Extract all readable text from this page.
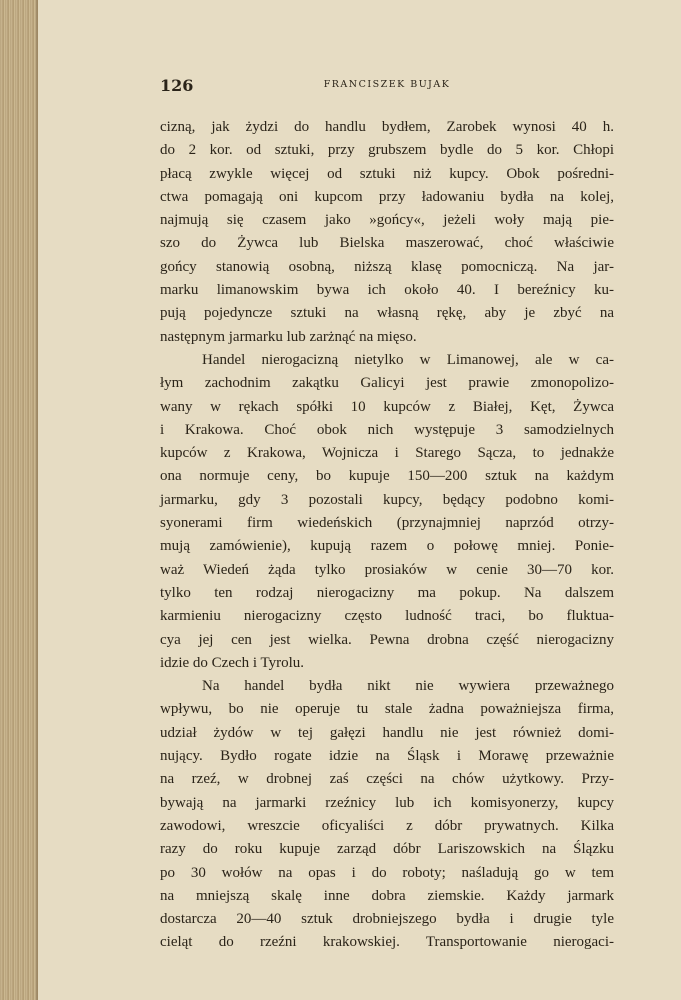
126	FRANCISZEK BUJAK
cizną, jak żydzi do handlu bydłem, Zarobek wynosi 40 h.
do 2 kor. od sztuki, przy grubszem bydle do 5 kor. Chłopi
płacą zwykle więcej od sztuki niż kupcy. Obok pośredni-
ctwa pomagają oni kupcom przy ładowaniu bydła na kolej,
najmują się czasem jako »gońcy«, jeżeli woły mają pie-
szo do Żywca lub Bielska maszerować, choć właściwie
gońcy stanowią osobną, niższą klasę pomocniczą. Na jar-
marku limanowskim bywa ich około 40. I bereźnicy ku-
pują pojedyncze sztuki na własną rękę, aby je zbyć na
następnym jarmarku lub zarżnąć na mięso.
Handel nierogacizną nietylko w Limanowej, ale w ca-
łym zachodnim zakątku Galicyi jest prawie zmonopolizo-
wany w rękach spółki 10 kupców z Białej, Kęt, Żywca
i Krakowa. Choć obok nich występuje 3 samodzielnych
kupców z Krakowa, Wojnicza i Starego Sącza, to jednakże
ona normuje ceny, bo kupuje 150—200 sztuk na każdym
jarmarku, gdy 3 pozostali kupcy, będący podobno komi-
syonerami firm wiedeńskich (przynajmniej naprzód otrzy-
mują zamówienie), kupują razem o połowę mniej. Ponie-
waż Wiedeń żąda tylko prosiaków w cenie 30—70 kor.
tylko ten rodzaj nierogacizny ma pokup. Na dalszem
karmieniu nierogacizny często ludność traci, bo fluktua-
cya jej cen jest wielka. Pewna drobna część nierogacizny
idzie do Czech i Tyrolu.
Na handel bydła nikt nie wywiera przeważnego
wpływu, bo nie operuje tu stale żadna poważniejsza firma,
udział żydów w tej gałęzi handlu nie jest również domi-
nujący. Bydło rogate idzie na Śląsk i Morawę przeważnie
na rzeź, w drobnej zaś części na chów użytkowy. Przy-
bywają na jarmarki rzeźnicy lub ich komisyonerzy, kupcy
zawodowi, wreszcie oficyaliści z dóbr prywatnych. Kilka
razy do roku kupuje zarząd dóbr Lariszowskich na Ślązku
po 30 wołów na opas i do roboty; naśladują go w tem
na mniejszą skalę inne dobra ziemskie. Każdy jarmark
dostarcza 20—40 sztuk drobniejszego bydła i drugie tyle
cieląt do rzeźni krakowskiej. Transportowanie nierogaci-
